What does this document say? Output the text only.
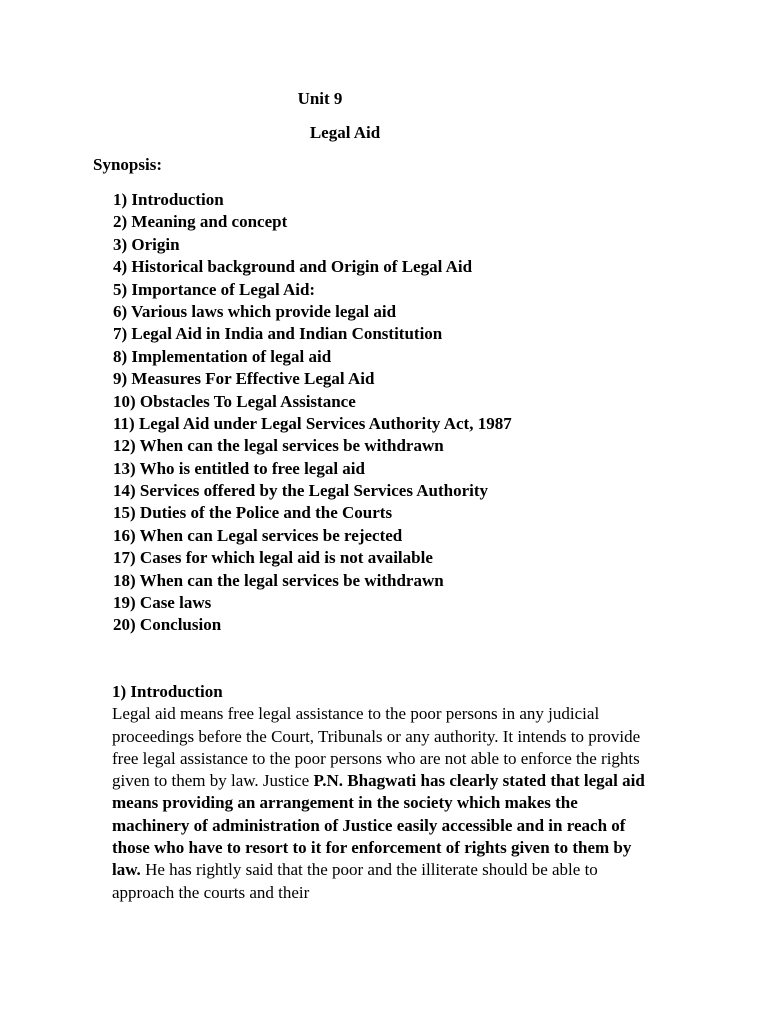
Unit 9
Legal Aid
Synopsis:
1) Introduction
2) Meaning and concept
3) Origin
4) Historical background and Origin of Legal Aid
5) Importance of Legal Aid:
6) Various laws which provide legal aid
7) Legal Aid in India and Indian Constitution
8) Implementation of legal aid
9) Measures For Effective Legal Aid
10) Obstacles To Legal Assistance
11) Legal Aid under Legal Services Authority Act, 1987
12) When can the legal services be withdrawn
13) Who is entitled to free legal aid
14) Services offered by the Legal Services Authority
15) Duties of the Police and the Courts
16) When can Legal services be rejected
17) Cases for which legal aid is not available
18) When can the legal services be withdrawn
19) Case laws
20) Conclusion
1) Introduction

Legal aid means free legal assistance to the poor persons in any judicial proceedings before the Court, Tribunals or any authority. It intends to provide free legal assistance to the poor persons who are not able to enforce the rights given to them by law. Justice P.N. Bhagwati has clearly stated that legal aid means providing an arrangement in the society which makes the machinery of administration of Justice easily accessible and in reach of those who have to resort to it for enforcement of rights given to them by law. He has rightly said that the poor and the illiterate should be able to approach the courts and their
